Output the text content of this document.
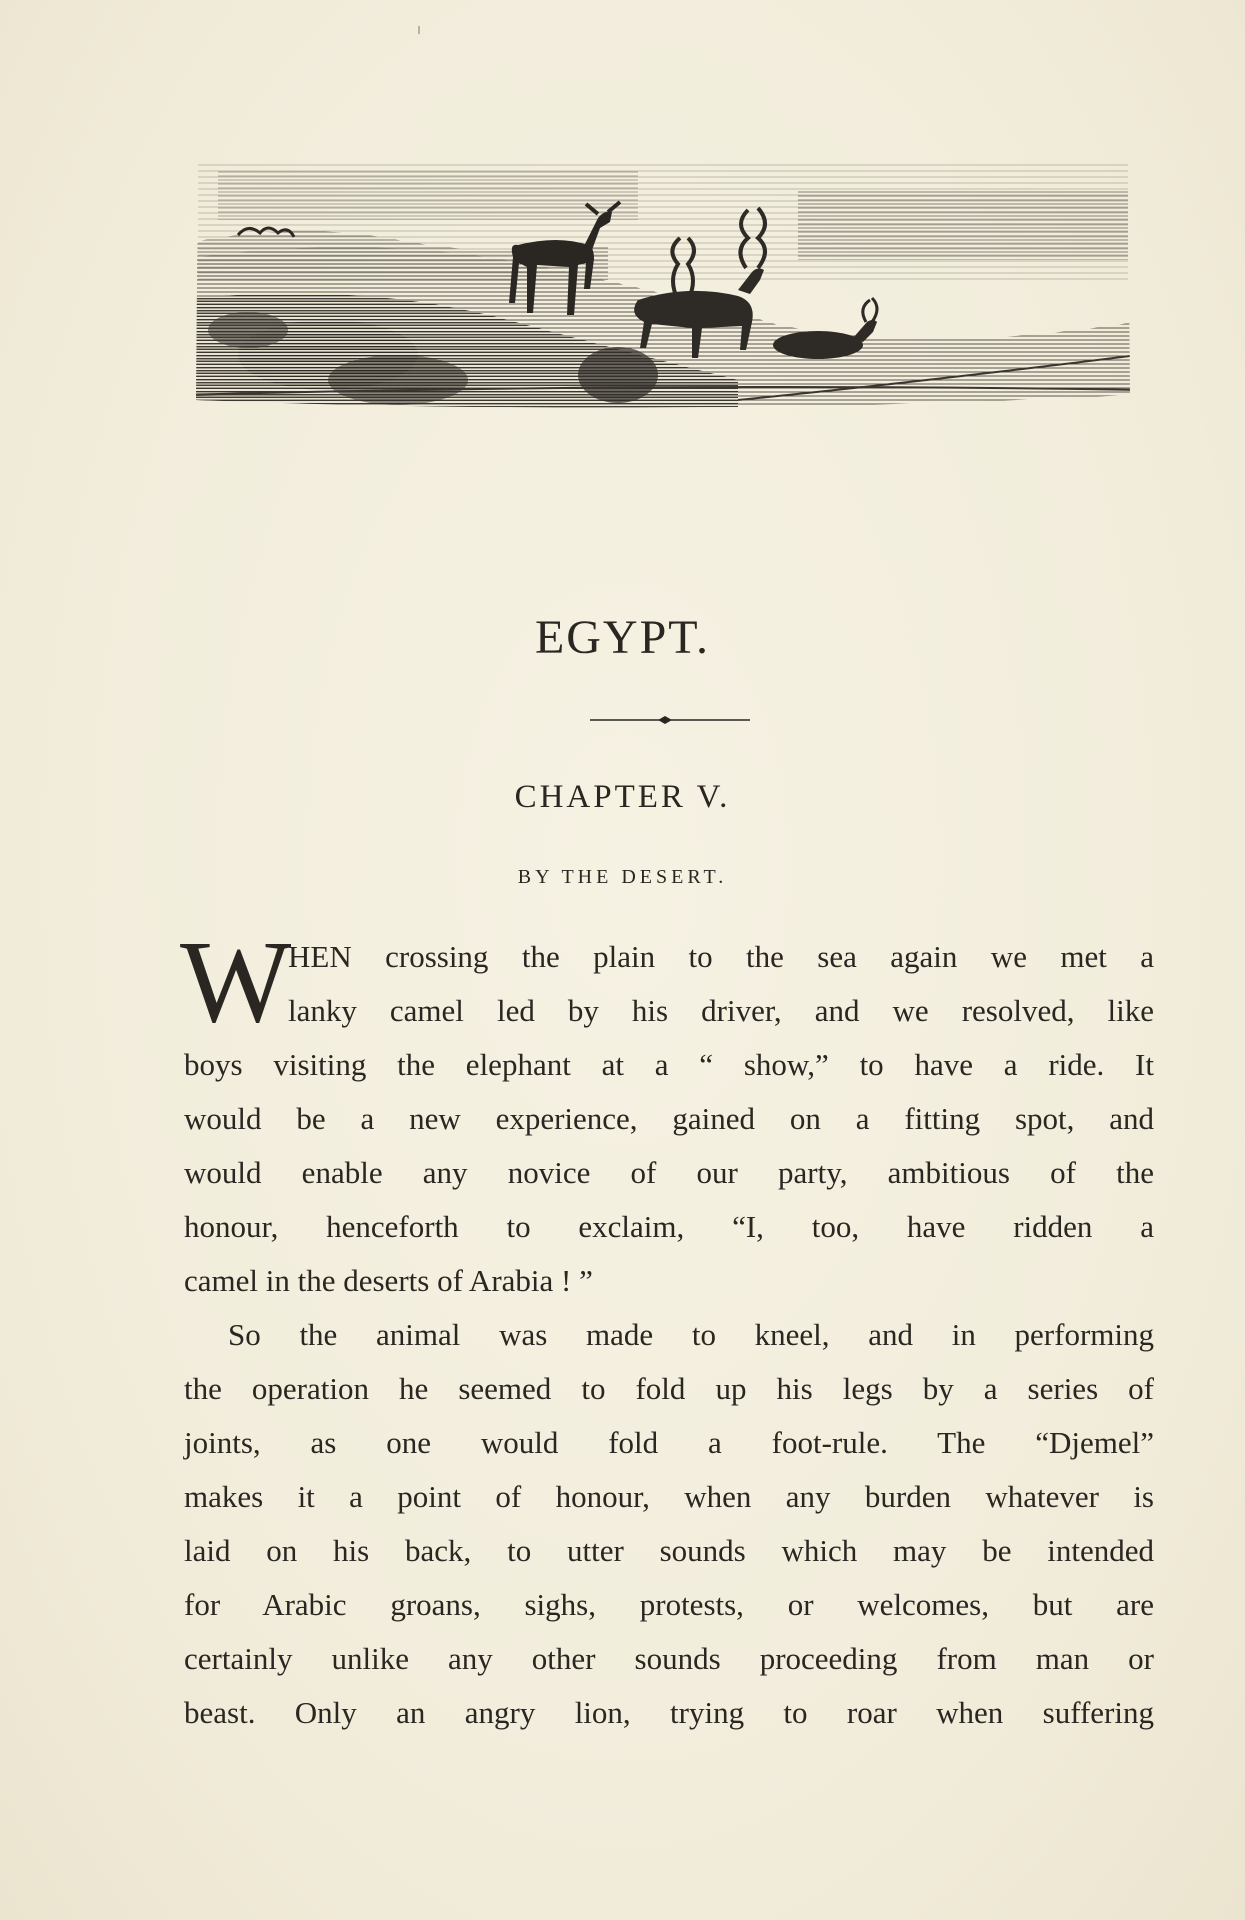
EGYPT.
CHAPTER V.
BY THE DESERT.
W
HEN crossing the plain to the sea again we met a
lanky camel led by his driver, and we resolved, like
boys visiting the elephant at a “ show,” to have a ride. It
would be a new experience, gained on a fitting spot, and
would enable any novice of our party, ambitious of the
honour, henceforth to exclaim, “I, too, have ridden a
camel in the deserts of Arabia ! ”
So the animal was made to kneel, and in performing
the operation he seemed to fold up his legs by a series of
joints, as one would fold a foot-rule. The “Djemel”
makes it a point of honour, when any burden whatever is
laid on his back, to utter sounds which may be intended
for Arabic groans, sighs, protests, or welcomes, but are
certainly unlike any other sounds proceeding from man or
beast. Only an angry lion, trying to roar when suffering
